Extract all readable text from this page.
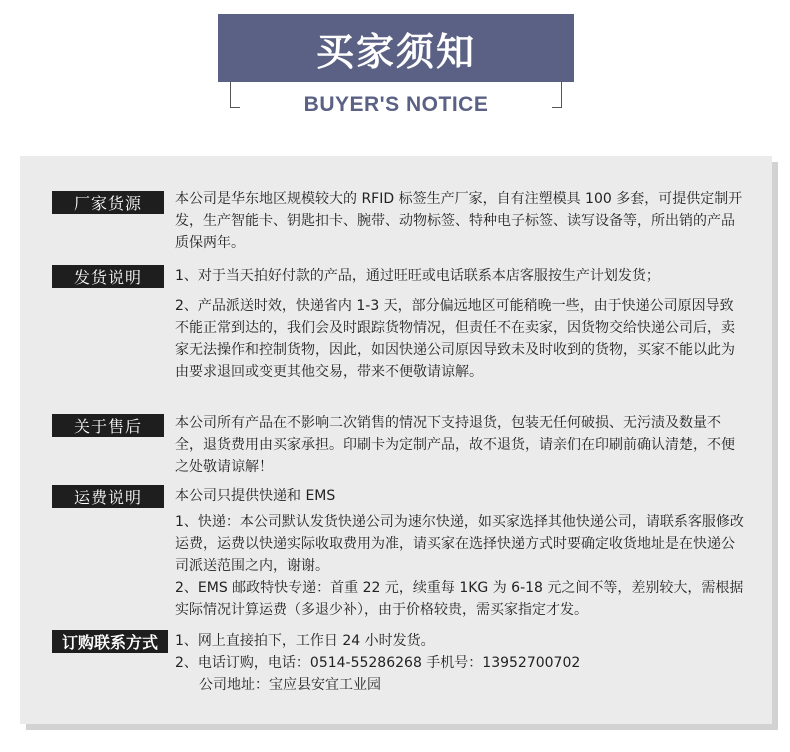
买家须知
BUYER'S NOTICE
厂家货源	本公司是华东地区规模较大的 RFID 标签生产厂家，自有注塑模具 100 多套，可提供定制开发，生产智能卡、钥匙扣卡、腕带、动物标签、特种电子标签、读写设备等，所出销的产品质保两年。

发货说明	1、对于当天拍好付款的产品，通过旺旺或电话联系本店客服按生产计划发货；

2、产品派送时效，快递省内 1-3 天，部分偏远地区可能稍晚一些，由于快递公司原因导致不能正常到达的，我们会及时跟踪货物情况，但责任不在卖家，因货物交给快递公司后，卖家无法操作和控制货物，因此，如因快递公司原因导致未及时收到的货物，买家不能以此为由要求退回或变更其他交易，带来不便敬请谅解。

关于售后	本公司所有产品在不影响二次销售的情况下支持退货，包装无任何破损、无污渍及数量不全，退货费用由买家承担。印刷卡为定制产品，故不退货，请亲们在印刷前确认清楚，不便之处敬请谅解！

运费说明	本公司只提供快递和 EMS

1、快递：本公司默认发货快递公司为速尔快递，如买家选择其他快递公司，请联系客服修改运费，运费以快递实际收取费用为准，请买家在选择快递方式时要确定收货地址是在快递公司派送范围之内，谢谢。

2、EMS 邮政特快专递：首重 22 元，续重每 1KG 为 6-18 元之间不等，差别较大，需根据实际情况计算运费（多退少补），由于价格较贵，需买家指定才发。

订购联系方式	1、网上直接拍下，工作日 24 小时发货。

2、电话订购，电话：0514-55286268 手机号：13952700702

公司地址：宝应县安宜工业园
